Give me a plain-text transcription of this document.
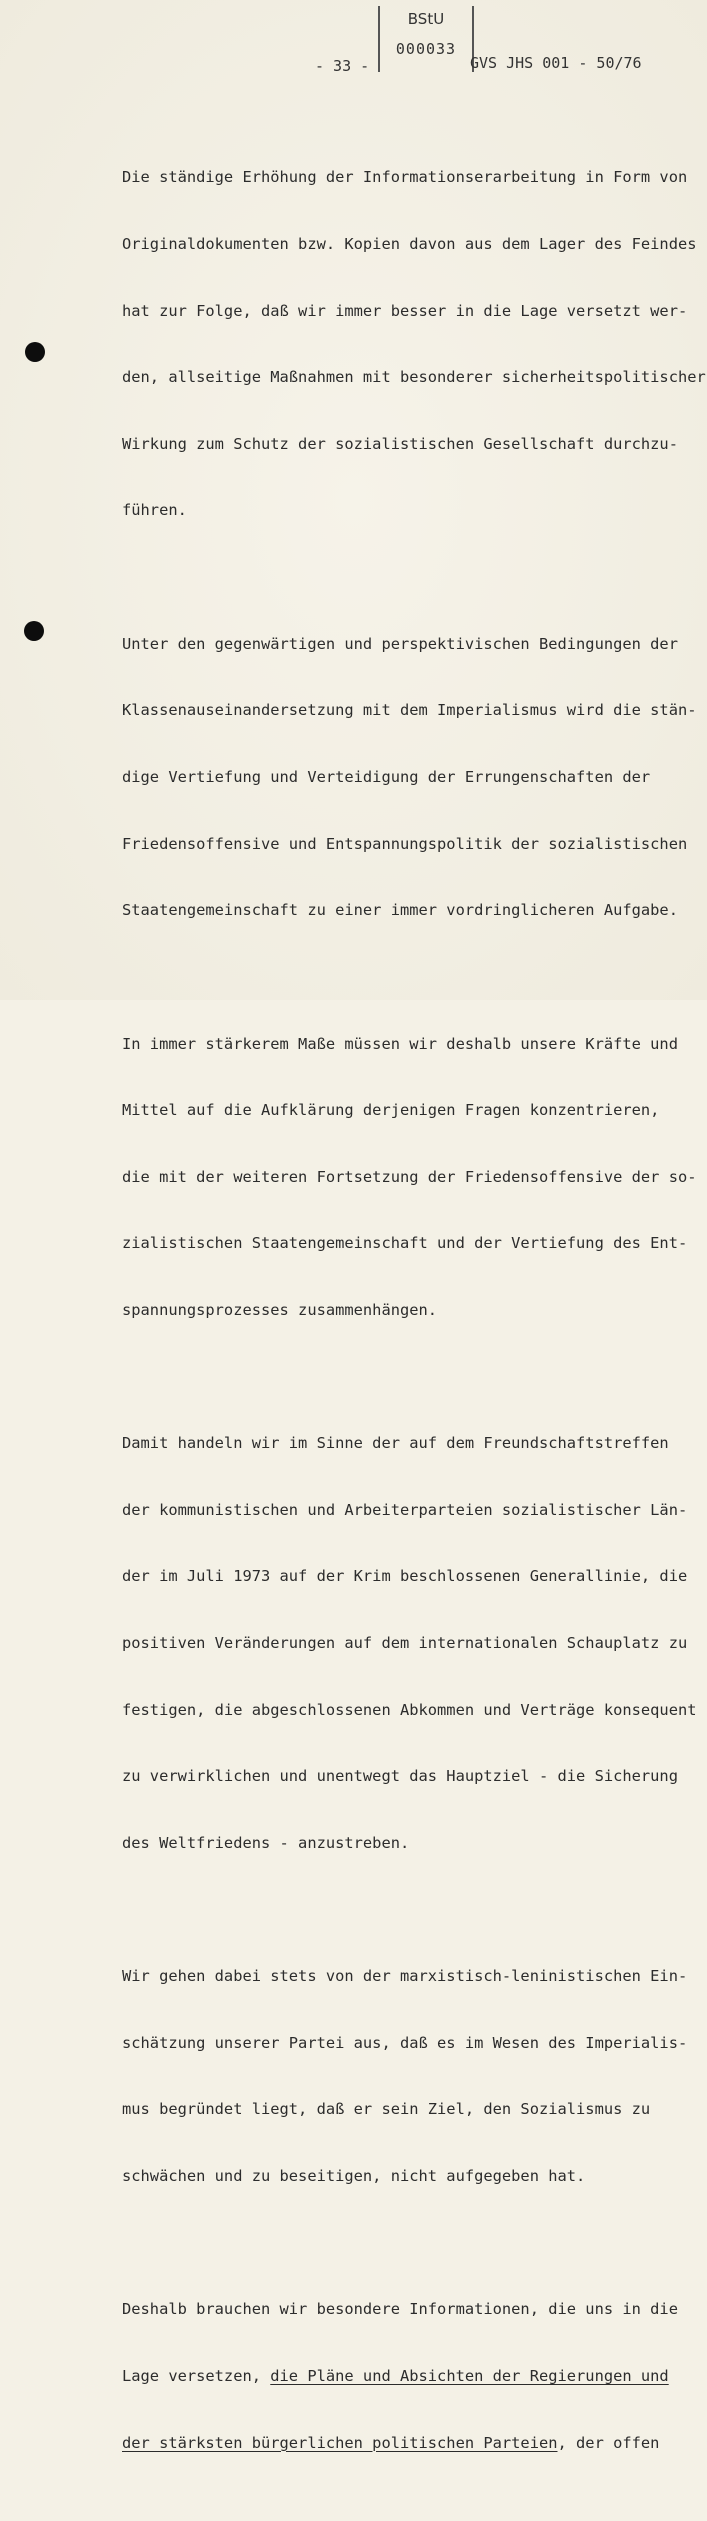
BStU
000033
- 33 -	GVS JHS 001 - 50/76

Die ständige Erhöhung der Informationserarbeitung in Form von

Originaldokumenten bzw. Kopien davon aus dem Lager des Feindes

hat zur Folge, daß wir immer besser in die Lage versetzt wer-

den, allseitige Maßnahmen mit besonderer sicherheitspolitischer

Wirkung zum Schutz der sozialistischen Gesellschaft durchzu-

führen.

Unter den gegenwärtigen und perspektivischen Bedingungen der

Klassenauseinandersetzung mit dem Imperialismus wird die stän-

dige Vertiefung und Verteidigung der Errungenschaften der

Friedensoffensive und Entspannungspolitik der sozialistischen

Staatengemeinschaft zu einer immer vordringlicheren Aufgabe.

In immer stärkerem Maße müssen wir deshalb unsere Kräfte und

Mittel auf die Aufklärung derjenigen Fragen konzentrieren,

die mit der weiteren Fortsetzung der Friedensoffensive der so-

zialistischen Staatengemeinschaft und der Vertiefung des Ent-

spannungsprozesses zusammenhängen.

Damit handeln wir im Sinne der auf dem Freundschaftstreffen

der kommunistischen und Arbeiterparteien sozialistischer Län-

der im Juli 1973 auf der Krim beschlossenen Generallinie, die

positiven Veränderungen auf dem internationalen Schauplatz zu

festigen, die abgeschlossenen Abkommen und Verträge konsequent

zu verwirklichen und unentwegt das Hauptziel - die Sicherung

des Weltfriedens - anzustreben.

Wir gehen dabei stets von der marxistisch-leninistischen Ein-

schätzung unserer Partei aus, daß es im Wesen des Imperialis-

mus begründet liegt, daß er sein Ziel, den Sozialismus zu

schwächen und zu beseitigen, nicht aufgegeben hat.

Deshalb brauchen wir besondere Informationen, die uns in die

Lage versetzen, die Pläne und Absichten der Regierungen und

der stärksten bürgerlichen politischen Parteien, der offen
